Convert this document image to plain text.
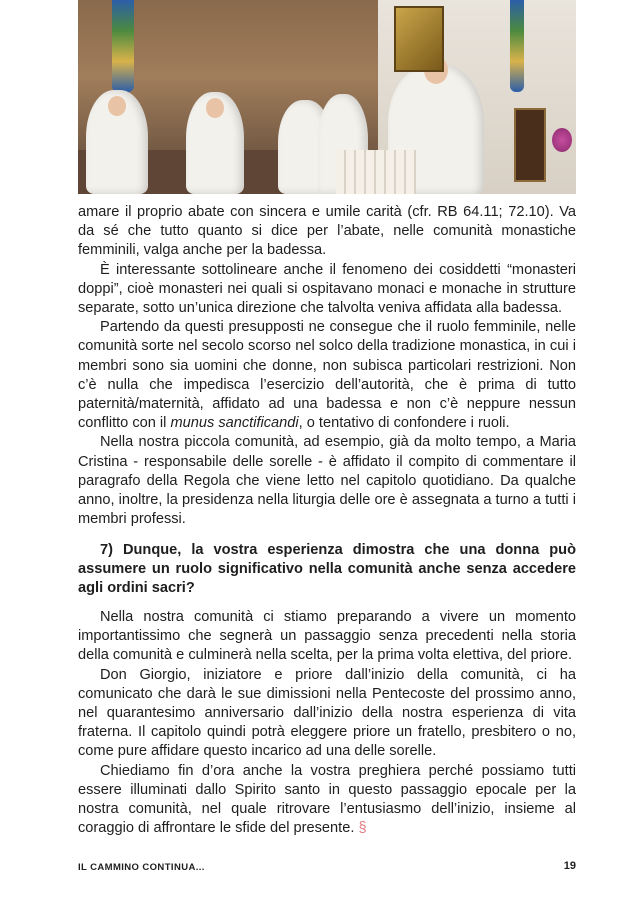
amare il proprio abate con sincera e umile carità (cfr. RB 64.11; 72.10). Va da sé che tutto quanto si dice per l’abate, nelle comunità monastiche femminili, valga anche per la badessa.

È interessante sottolineare anche il fenomeno dei cosiddetti “monasteri doppi”, cioè monasteri nei quali si ospitavano monaci e monache in strutture separate, sotto un’unica direzione che talvolta veniva affidata alla badessa.

Partendo da questi presupposti ne consegue che il ruolo femminile, nelle comunità sorte nel secolo scorso nel solco della tradizione monastica, in cui i membri sono sia uomini che donne, non subisca particolari restrizioni. Non c’è nulla che impedisca l’esercizio dell’autorità, che è prima di tutto paternità/maternità, affidato ad una badessa e non c’è neppure nessun conflitto con il munus sanctificandi, o tentativo di confondere i ruoli.

Nella nostra piccola comunità, ad esempio, già da molto tempo, a Maria Cristina - responsabile delle sorelle - è affidato il compito di commentare il paragrafo della Regola che viene letto nel capitolo quotidiano. Da qualche anno, inoltre, la presidenza nella liturgia delle ore è assegnata a turno a tutti i membri professi.

7) Dunque, la vostra esperienza dimostra che una donna può assumere un ruolo significativo nella comunità anche senza accedere agli ordini sacri?

Nella nostra comunità ci stiamo preparando a vivere un momento importantissimo che segnerà un passaggio senza precedenti nella storia della comunità e culminerà nella scelta, per la prima volta elettiva, del priore.

Don Giorgio, iniziatore e priore dall’inizio della comunità, ci ha comunicato che darà le sue dimissioni nella Pentecoste del prossimo anno, nel quarantesimo anniversario dall’inizio della nostra esperienza di vita fraterna. Il capitolo quindi potrà eleggere priore un fratello, presbitero o no, come pure affidare questo incarico ad una delle sorelle.

Chiediamo fin d’ora anche la vostra preghiera perché possiamo tutti essere illuminati dallo Spirito santo in questo passaggio epocale per la nostra comunità, nel quale ritrovare l’entusiasmo dell’inizio, insieme al coraggio di affrontare le sfide del presente. §

IL CAMMINO CONTINUA...	19
